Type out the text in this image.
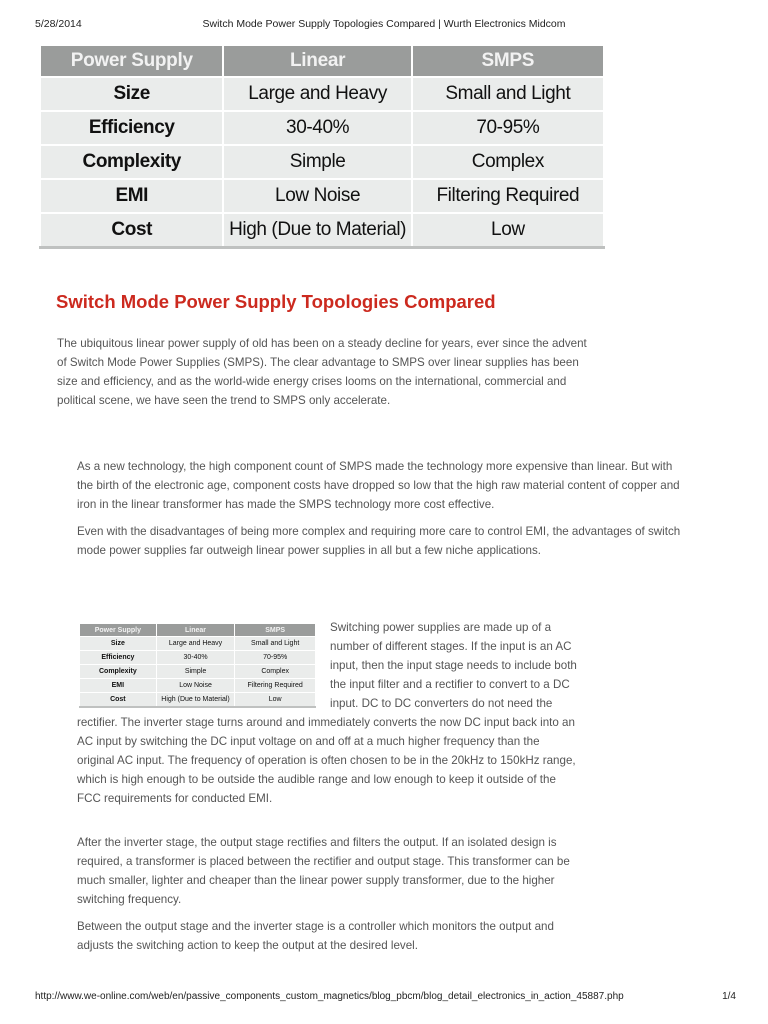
5/28/2014	Switch Mode Power Supply Topologies Compared | Wurth Electronics Midcom
Power Supply	Linear	SMPS
Size	Large and Heavy	Small and Light
Efficiency	30-40%	70-95%
Complexity	Simple	Complex
EMI	Low Noise	Filtering Required
Cost	High (Due to Material)	Low
Switch Mode Power Supply Topologies Compared

The ubiquitous linear power supply of old has been on a steady decline for years, ever since the advent of Switch Mode Power Supplies (SMPS). The clear advantage to SMPS over linear supplies has been size and efficiency, and as the world-wide energy crises looms on the international, commercial and political scene, we have seen the trend to SMPS only accelerate.

As a new technology, the high component count of SMPS made the technology more expensive than linear. But with the birth of the electronic age, component costs have dropped so low that the high raw material content of copper and iron in the linear transformer has made the SMPS technology more cost effective.

Even with the disadvantages of being more complex and requiring more care to control EMI, the advantages of switch mode power supplies far outweigh linear power supplies in all but a few niche applications.

Power Supply	Linear	SMPS
Size	Large and Heavy	Small and Light
Efficiency	30-40%	70-95%
Complexity	Simple	Complex
EMI	Low Noise	Filtering Required
Cost	High (Due to Material)	Low
Switching power supplies are made up of a number of different stages. If the input is an AC input, then the input stage needs to include both the input filter and a rectifier to convert to a DC input. DC to DC converters do not need the rectifier. The inverter stage turns around and immediately converts the now DC input back into an AC input by switching the DC input voltage on and off at a much higher frequency than the original AC input. The frequency of operation is often chosen to be in the 20kHz to 150kHz range, which is high enough to be outside the audible range and low enough to keep it outside of the FCC requirements for conducted EMI.

After the inverter stage, the output stage rectifies and filters the output. If an isolated design is required, a transformer is placed between the rectifier and output stage. This transformer can be much smaller, lighter and cheaper than the linear power supply transformer, due to the higher switching frequency.

Between the output stage and the inverter stage is a controller which monitors the output and adjusts the switching action to keep the output at the desired level.

http://www.we-online.com/web/en/passive_components_custom_magnetics/blog_pbcm/blog_detail_electronics_in_action_45887.php	1/4
